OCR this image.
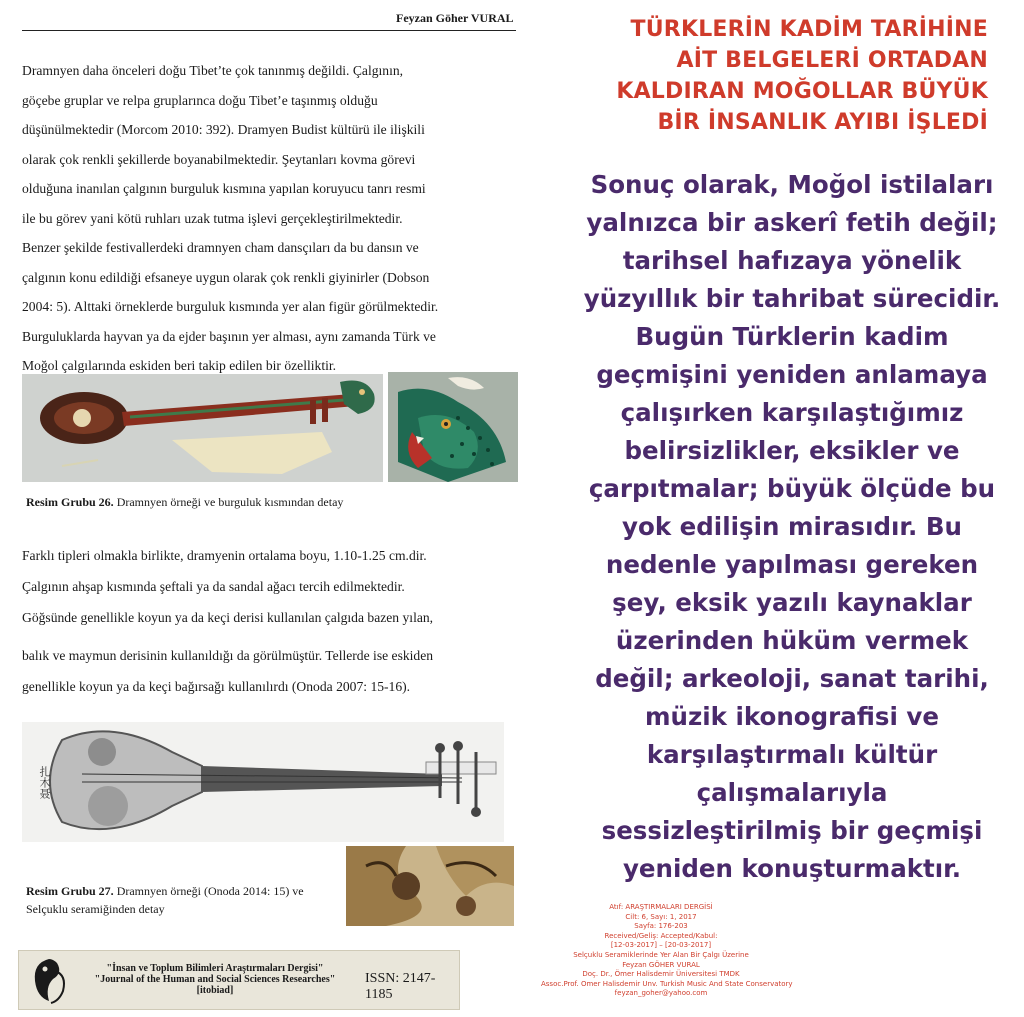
Feyzan Göher VURAL

Dramnyen daha önceleri doğu Tibet’te çok tanınmış değildi. Çalgının,

göçebe gruplar ve relpa gruplarınca doğu Tibet’e taşınmış olduğu

düşünülmektedir (Morcom 2010: 392). Dramyen Budist kültürü ile ilişkili

olarak çok renkli şekillerde boyanabilmektedir. Şeytanları kovma görevi

olduğuna inanılan çalgının burguluk kısmına yapılan koruyucu tanrı resmi

ile bu görev yani kötü ruhları uzak tutma işlevi gerçekleştirilmektedir.

Benzer şekilde festivallerdeki dramnyen cham dansçıları da bu dansın ve

çalgının konu edildiği efsaneye uygun olarak çok renkli giyinirler (Dobson

2004: 5). Alttaki örneklerde burguluk kısmında yer alan figür görülmektedir.

Burguluklarda hayvan ya da ejder başının yer alması, aynı zamanda Türk ve

Moğol çalgılarında eskiden beri takip edilen bir özelliktir.

Resim Grubu 26. Dramnyen örneği ve burguluk kısmından detay

Farklı tipleri olmakla birlikte, dramyenin ortalama boyu, 1.10-1.25 cm.dir.

Çalgının ahşap kısmında şeftali ya da sandal ağacı tercih edilmektedir.

Göğsünde genellikle koyun ya da keçi derisi kullanılan çalgıda bazen yılan,

balık ve maymun derisinin kullanıldığı da görülmüştür. Tellerde ise eskiden

genellikle koyun ya da keçi bağırsağı kullanılırdı (Onoda 2007: 15-16).

扎木聂
Resim Grubu 27. Dramnyen örneği (Onoda 2014: 15) ve
Selçuklu seramiğinden detay
"İnsan ve Toplum Bilimleri Araştırmaları Dergisi"
"Journal of the Human and Social Sciences Researches"
[itobiad]
ISSN: 2147-1185
TÜRKLERİN KADİM TARİHİNE
AİT BELGELERİ ORTADAN
KALDIRAN MOĞOLLAR BÜYÜK
BİR İNSANLIK AYIBI İŞLEDİ
Sonuç olarak, Moğol istilaları
yalnızca bir askerî fetih değil;
tarihsel hafızaya yönelik
yüzyıllık bir tahribat sürecidir.
Bugün Türklerin kadim
geçmişini yeniden anlamaya
çalışırken karşılaştığımız
belirsizlikler, eksikler ve
çarpıtmalar; büyük ölçüde bu
yok edilişin mirasıdır. Bu
nedenle yapılması gereken
şey, eksik yazılı kaynaklar
üzerinden hüküm vermek
değil; arkeoloji, sanat tarihi,
müzik ikonografisi ve
karşılaştırmalı kültür
çalışmalarıyla
sessizleştirilmiş bir geçmişi
yeniden konuşturmaktır.
Atıf: ARAŞTIRMALARI DERGİSİ
Cilt: 6, Sayı: 1, 2017
Sayfa: 176-203
Received/Geliş: Accepted/Kabul:
[12-03-2017] – [20-03-2017]
Selçuklu Seramiklerinde Yer Alan Bir Çalgı Üzerine
Feyzan GÖHER VURAL
Doç. Dr., Ömer Halisdemir Üniversitesi TMDK
Assoc.Prof. Omer Halisdemir Unv. Turkish Music And State Conservatory
feyzan_goher@yahoo.com
